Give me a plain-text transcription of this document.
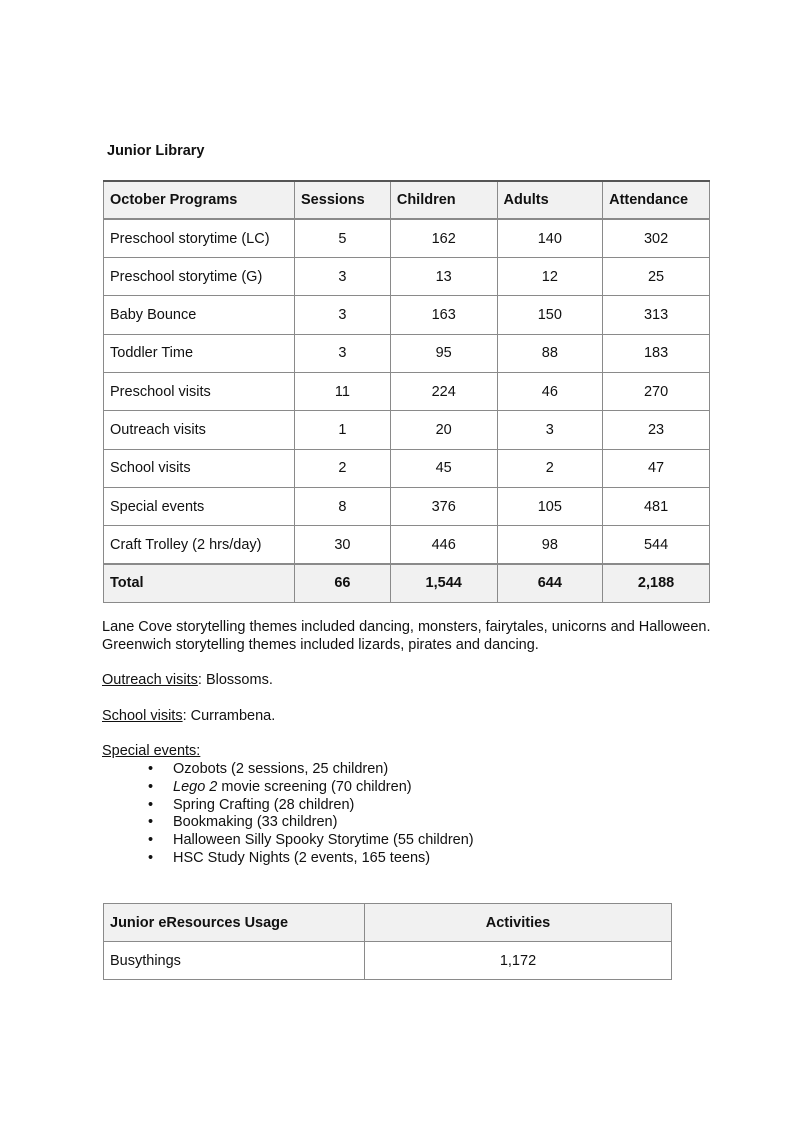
Junior Library
October Programs	Sessions	Children	Adults	Attendance
Preschool storytime (LC)	5	162	140	302
Preschool storytime (G)	3	13	12	25
Baby Bounce	3	163	150	313
Toddler Time	3	95	88	183
Preschool visits	11	224	46	270
Outreach visits	1	20	3	23
School visits	2	45	2	47
Special events	8	376	105	481
Craft Trolley (2 hrs/day)	30	446	98	544
Total	66	1,544	644	2,188

Lane Cove storytelling themes included dancing, monsters, fairytales, unicorns and Halloween.
Greenwich storytelling themes included lizards, pirates and dancing.

Outreach visits: Blossoms.

School visits: Currambena.

Special events:

• Ozobots (2 sessions, 25 children)
• Lego 2 movie screening (70 children)
• Spring Crafting (28 children)
• Bookmaking (33 children)
• Halloween Silly Spooky Storytime (55 children)
• HSC Study Nights (2 events, 165 teens)
Junior eResources Usage	Activities
Busythings	1,172
